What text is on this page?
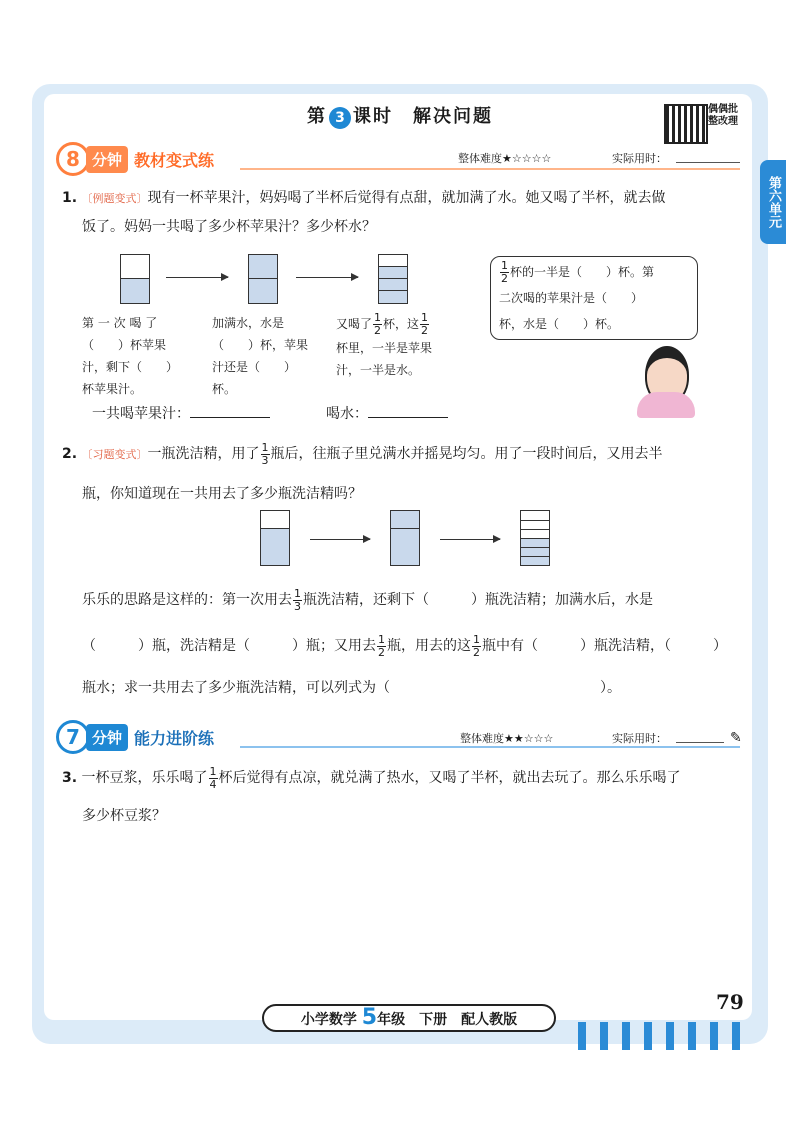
第 3 课时　解决问题	偶偶批整改理
第六单元
8 分钟 教材变式练	整体难度★☆☆☆☆	实际用时：
1. 〔例题变式〕现有一杯苹果汁，妈妈喝了半杯后觉得有点甜，就加满了水。她又喝了半杯，就去做
饭了。妈妈一共喝了多少杯苹果汁？多少杯水？
第 一 次 喝 了
（　　）杯苹果
汁，剩下（　　）
杯苹果汁。
加满水，水是
（　　）杯，苹果
汁还是（　　）
杯。
又喝了 $\frac{1}{2}$ 杯，这 $\frac{1}{2}$
杯里，一半是苹果
汁，一半是水。
$\frac{1}{2}$ 杯的一半是（　　）杯。第
二次喝的苹果汁是（　　）
杯，水是（　　）杯。
一共喝苹果汁：	喝水：
2. 〔习题变式〕一瓶洗洁精，用了 $\frac{1}{3}$ 瓶后，往瓶子里兑满水并摇晃均匀。用了一段时间后，又用去半
瓶，你知道现在一共用去了多少瓶洗洁精吗？
乐乐的思路是这样的：第一次用去 $\frac{1}{3}$ 瓶洗洁精，还剩下（　　　）瓶洗洁精；加满水后，水是
（　　　）瓶，洗洁精是（　　　）瓶；又用去 $\frac{1}{2}$ 瓶，用去的这 $\frac{1}{2}$ 瓶中有（　　　）瓶洗洁精，（　　　）
瓶水；求一共用去了多少瓶洗洁精，可以列式为（　　　　　　　　　　　　　　　）。
7 分钟 能力进阶练	整体难度★★☆☆☆	实际用时：	✎
3. 一杯豆浆，乐乐喝了 $\frac{1}{4}$ 杯后觉得有点凉，就兑满了热水，又喝了半杯，就出去玩了。那么乐乐喝了
多少杯豆浆？
小学数学 5年级　下册　配人教版
79
